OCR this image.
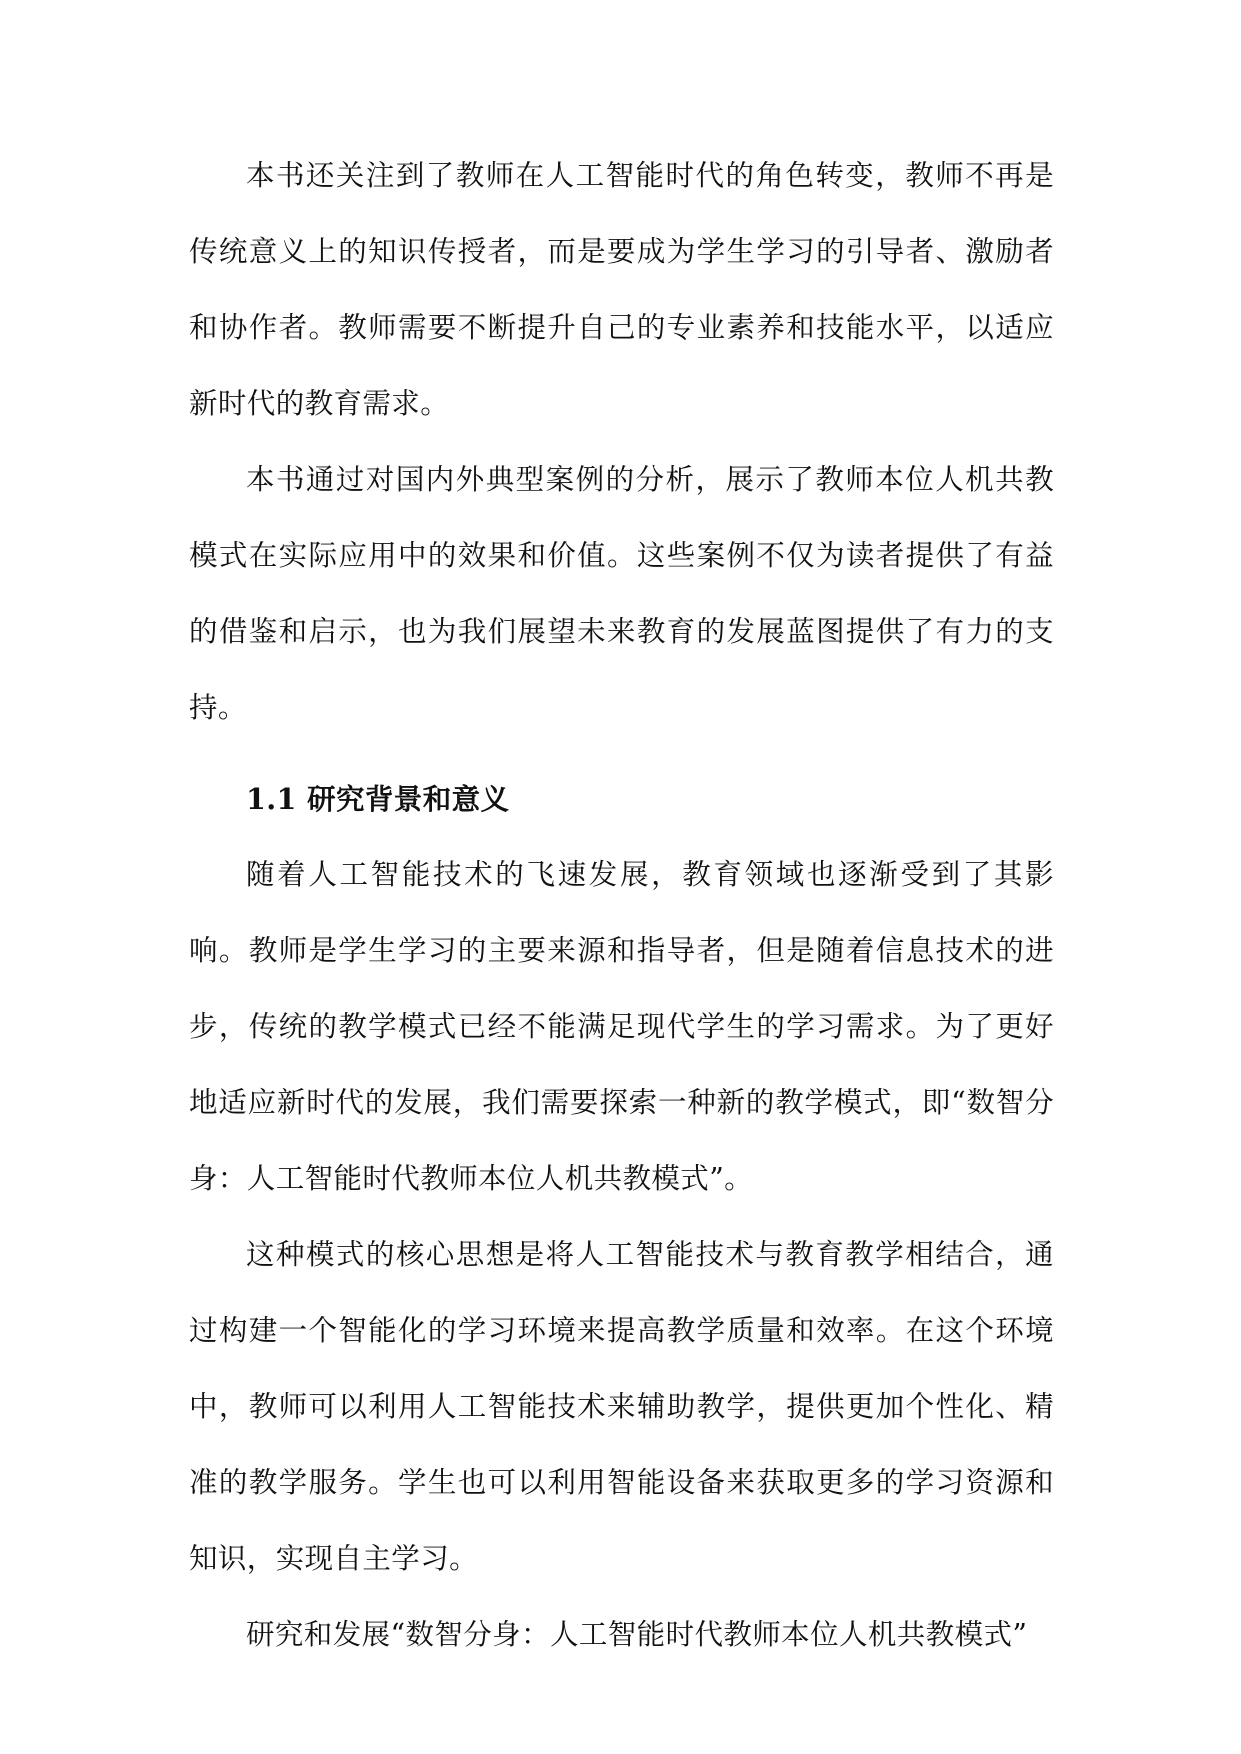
本书还关注到了教师在人工智能时代的角色转变，教师不再是传统意义上的知识传授者，而是要成为学生学习的引导者、激励者和协作者。教师需要不断提升自己的专业素养和技能水平，以适应新时代的教育需求。

本书通过对国内外典型案例的分析，展示了教师本位人机共教模式在实际应用中的效果和价值。这些案例不仅为读者提供了有益的借鉴和启示，也为我们展望未来教育的发展蓝图提供了有力的支持。

1.1 研究背景和意义

随着人工智能技术的飞速发展，教育领域也逐渐受到了其影响。教师是学生学习的主要来源和指导者，但是随着信息技术的进步，传统的教学模式已经不能满足现代学生的学习需求。为了更好地适应新时代的发展，我们需要探索一种新的教学模式，即“数智分身：人工智能时代教师本位人机共教模式”。

这种模式的核心思想是将人工智能技术与教育教学相结合，通过构建一个智能化的学习环境来提高教学质量和效率。在这个环境中，教师可以利用人工智能技术来辅助教学，提供更加个性化、精准的教学服务。学生也可以利用智能设备来获取更多的学习资源和知识，实现自主学习。

研究和发展“数智分身：人工智能时代教师本位人机共教模式”
